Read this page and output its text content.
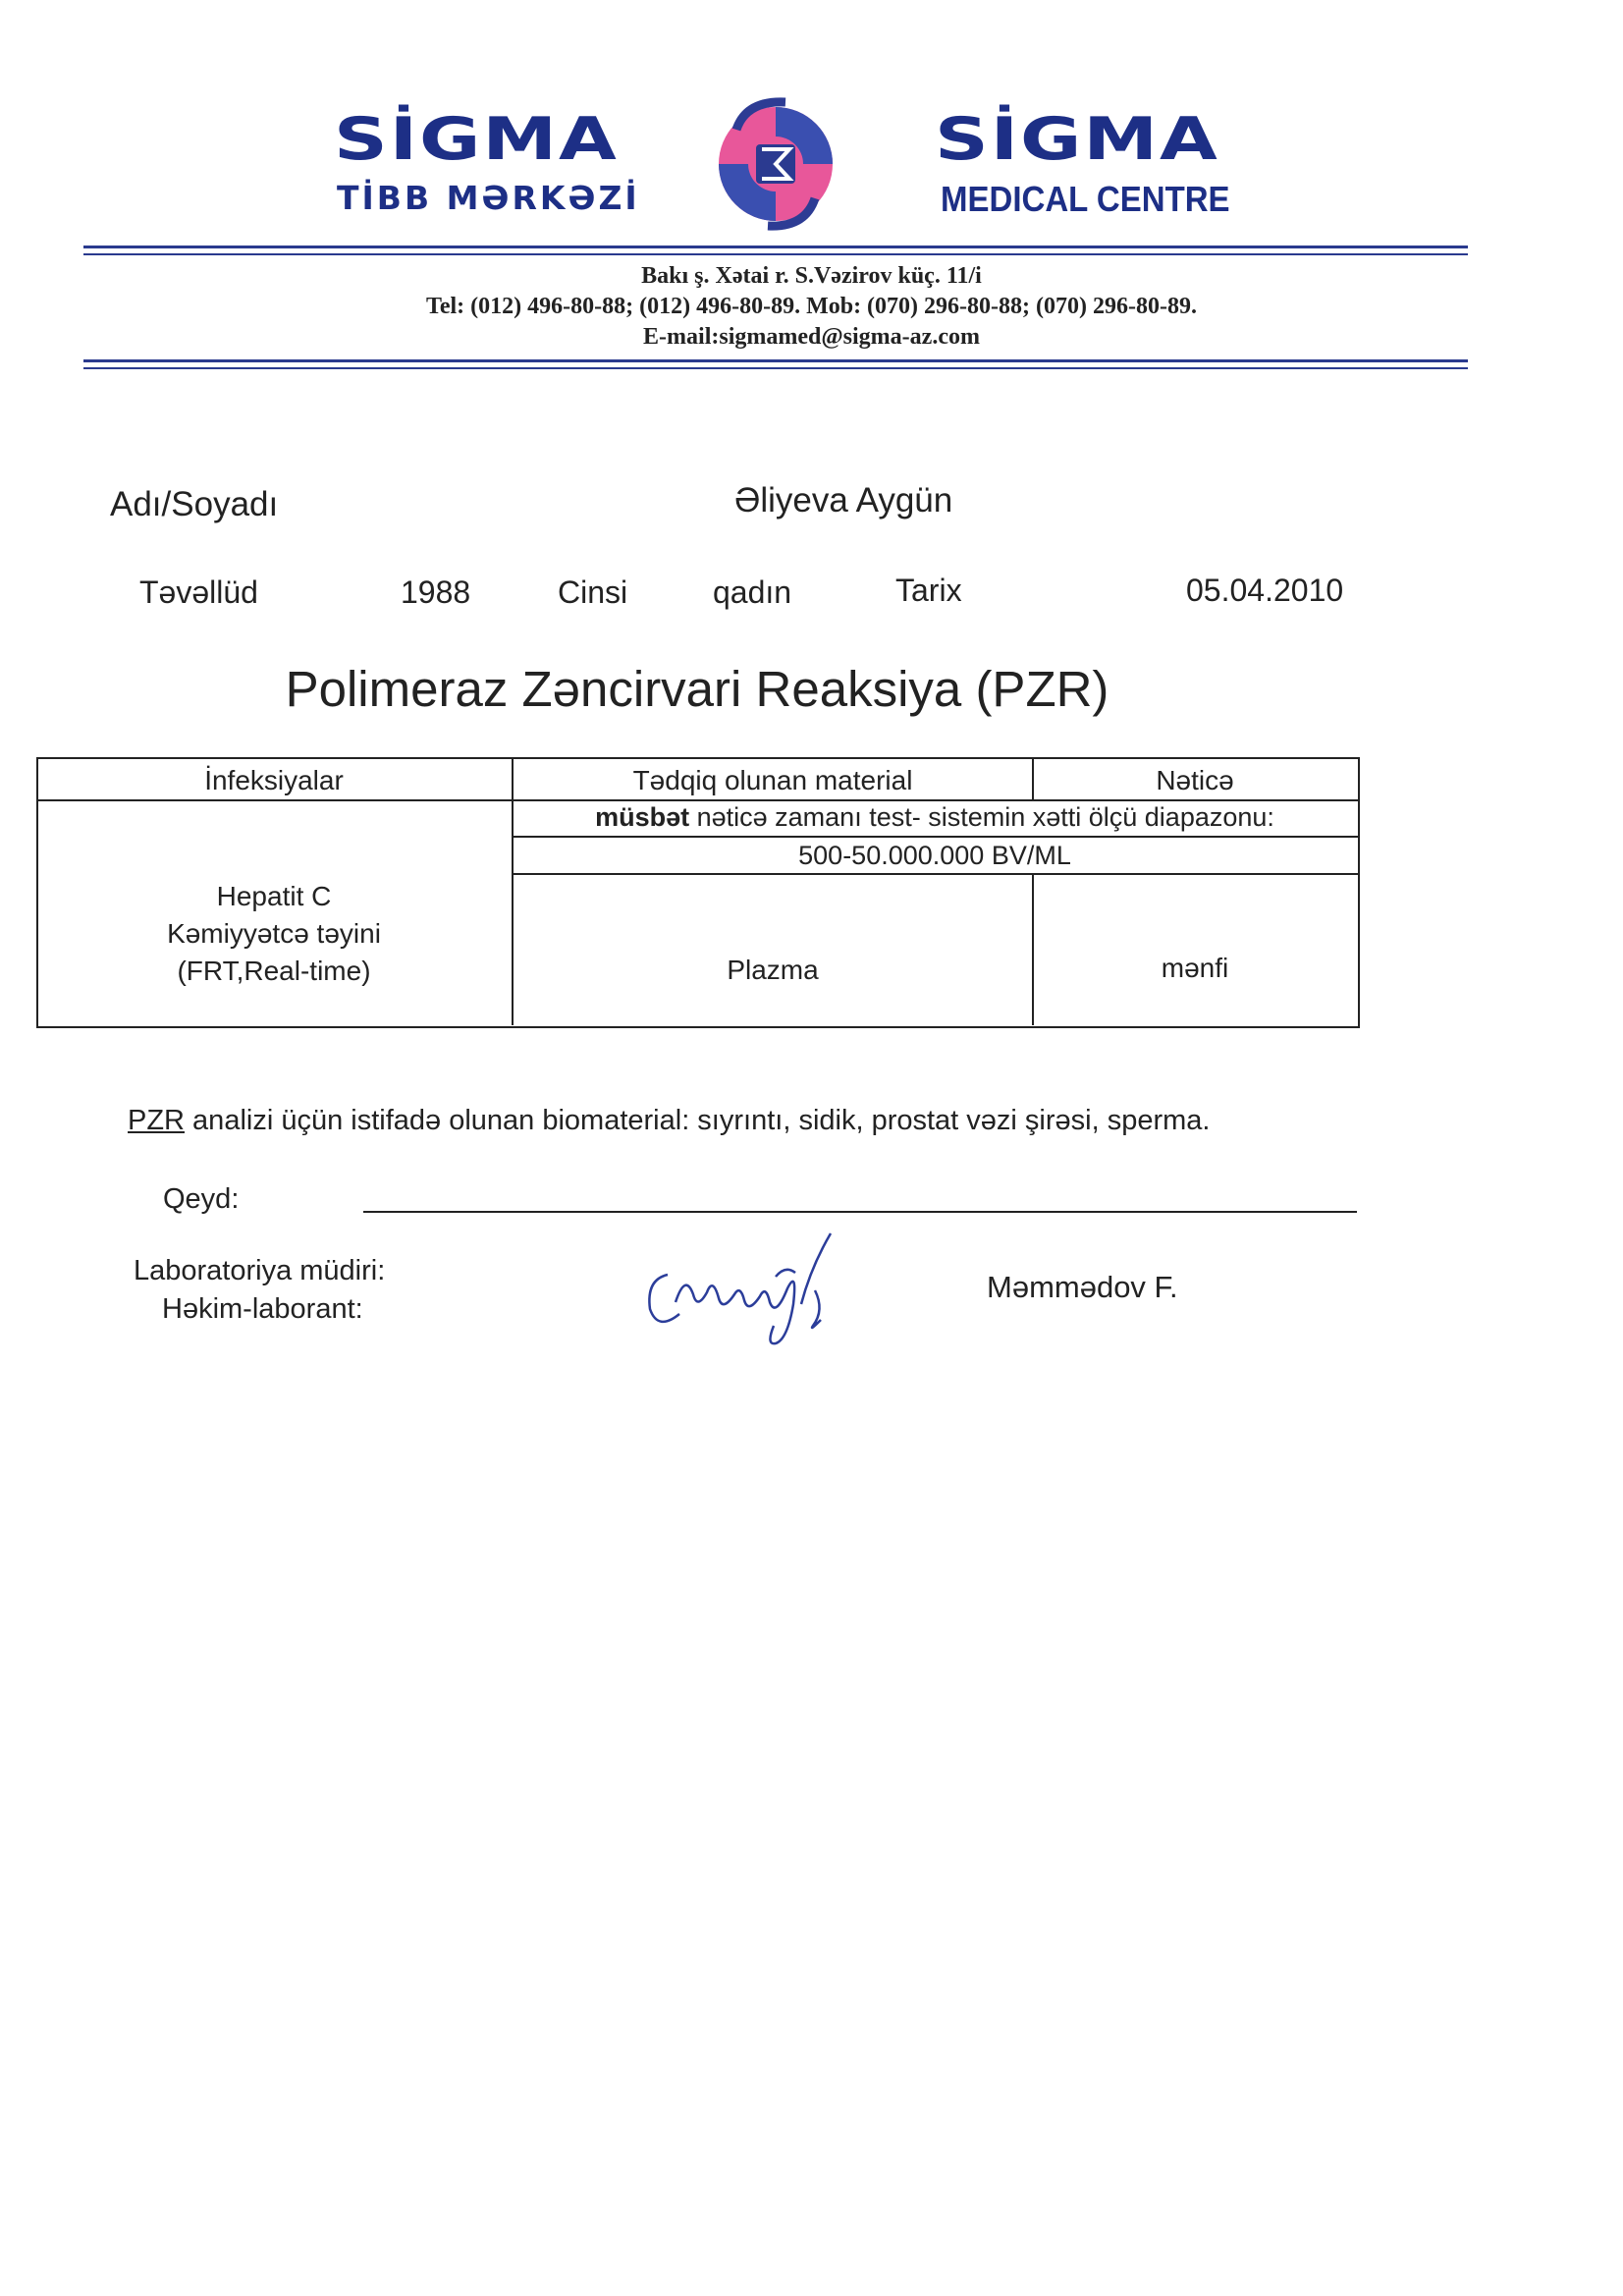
SİGMA
TİBB MƏRKƏZİ
SİGMA
MEDICAL CENTRE
Bakı ş. Xətai r. S.Vəzirov küç. 11/i
Tel: (012) 496-80-88; (012) 496-80-89. Mob: (070) 296-80-88; (070) 296-80-89.
E-mail:sigmamed@sigma-az.com
Adı/Soyadı	Əliyeva Aygün
Təvəllüd	1988	Cinsi	qadın	Tarix	05.04.2010
Polimeraz Zəncirvari Reaksiya (PZR)
İnfeksiyalar	Tədqiq olunan material	Nəticə
müsbət nəticə zamanı test- sistemin xətti ölçü diapazonu:
500-50.000.000 BV/ML
Hepatit C
Kəmiyyətcə təyini
(FRT,Real-time)	Plazma	mənfi
PZR analizi üçün istifadə olunan biomaterial: sıyrıntı, sidik, prostat vəzi şirəsi, sperma.
Qeyd:
Laboratoriya müdiri:
Həkim-laborant:
Məmmədov F.
